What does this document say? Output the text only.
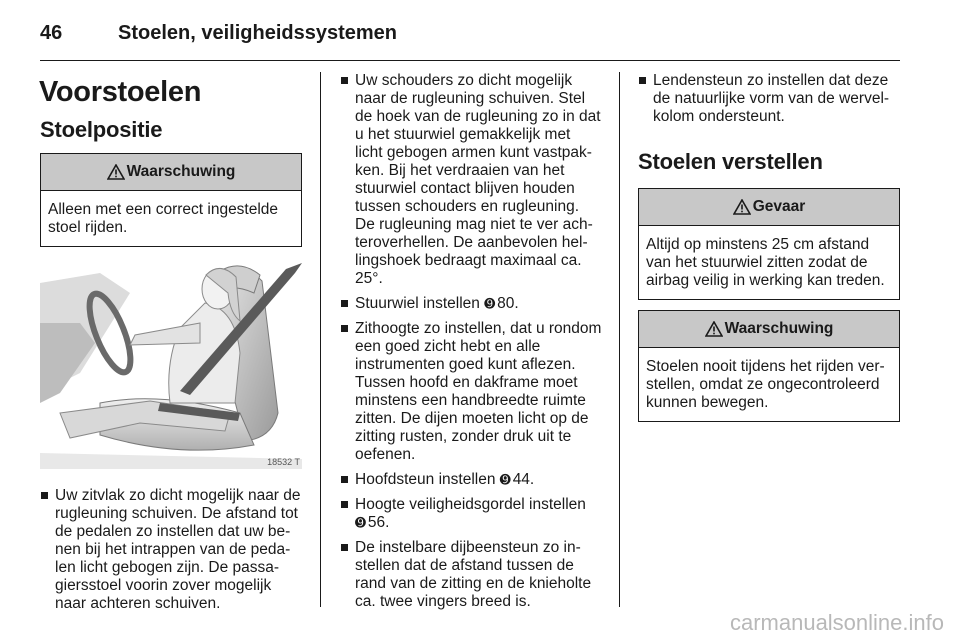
46	Stoelen, veiligheidssystemen
Voorstoelen
Stoelpositie
Waarschuwing
Alleen met een correct ingestelde stoel rijden.
18532 T
Uw zitvlak zo dicht mogelijk naar de rugleuning schuiven. De afstand tot de pedalen zo instellen dat uw benen bij het intrappen van de pedalen licht gebogen zijn. De passagiersstoel voorin zover mogelijk naar achteren schuiven.
Uw schouders zo dicht mogelijk naar de rugleuning schuiven. Stel de hoek van de rugleuning zo in dat u het stuurwiel gemakkelijk met licht gebogen armen kunt vastpakken. Bij het verdraaien van het stuurwiel contact blijven houden tussen schouders en rugleuning. De rugleuning mag niet te ver achteroverhellen. De aanbevolen hellingshoek bedraagt maximaal ca. 25°.
Stuurwiel instellen ➒ 80.
Zithoogte zo instellen, dat u rondom een goed zicht hebt en alle instrumenten goed kunt aflezen. Tussen hoofd en dakframe moet minstens een handbreedte ruimte zitten. De dijen moeten licht op de zitting rusten, zonder druk uit te oefenen.
Hoofdsteun instellen ➒ 44.
Hoogte veiligheidsgordel instellen
➒ 56.
De instelbare dijbeensteun zo instellen dat de afstand tussen de rand van de zitting en de knieholte ca. twee vingers breed is.
Lendensteun zo instellen dat deze de natuurlijke vorm van de wervelkolom ondersteunt.
Stoelen verstellen
Gevaar
Altijd op minstens 25 cm afstand van het stuurwiel zitten zodat de airbag veilig in werking kan treden.
Waarschuwing
Stoelen nooit tijdens het rijden verstellen, omdat ze ongecontroleerd kunnen bewegen.
carmanualsonline.info
